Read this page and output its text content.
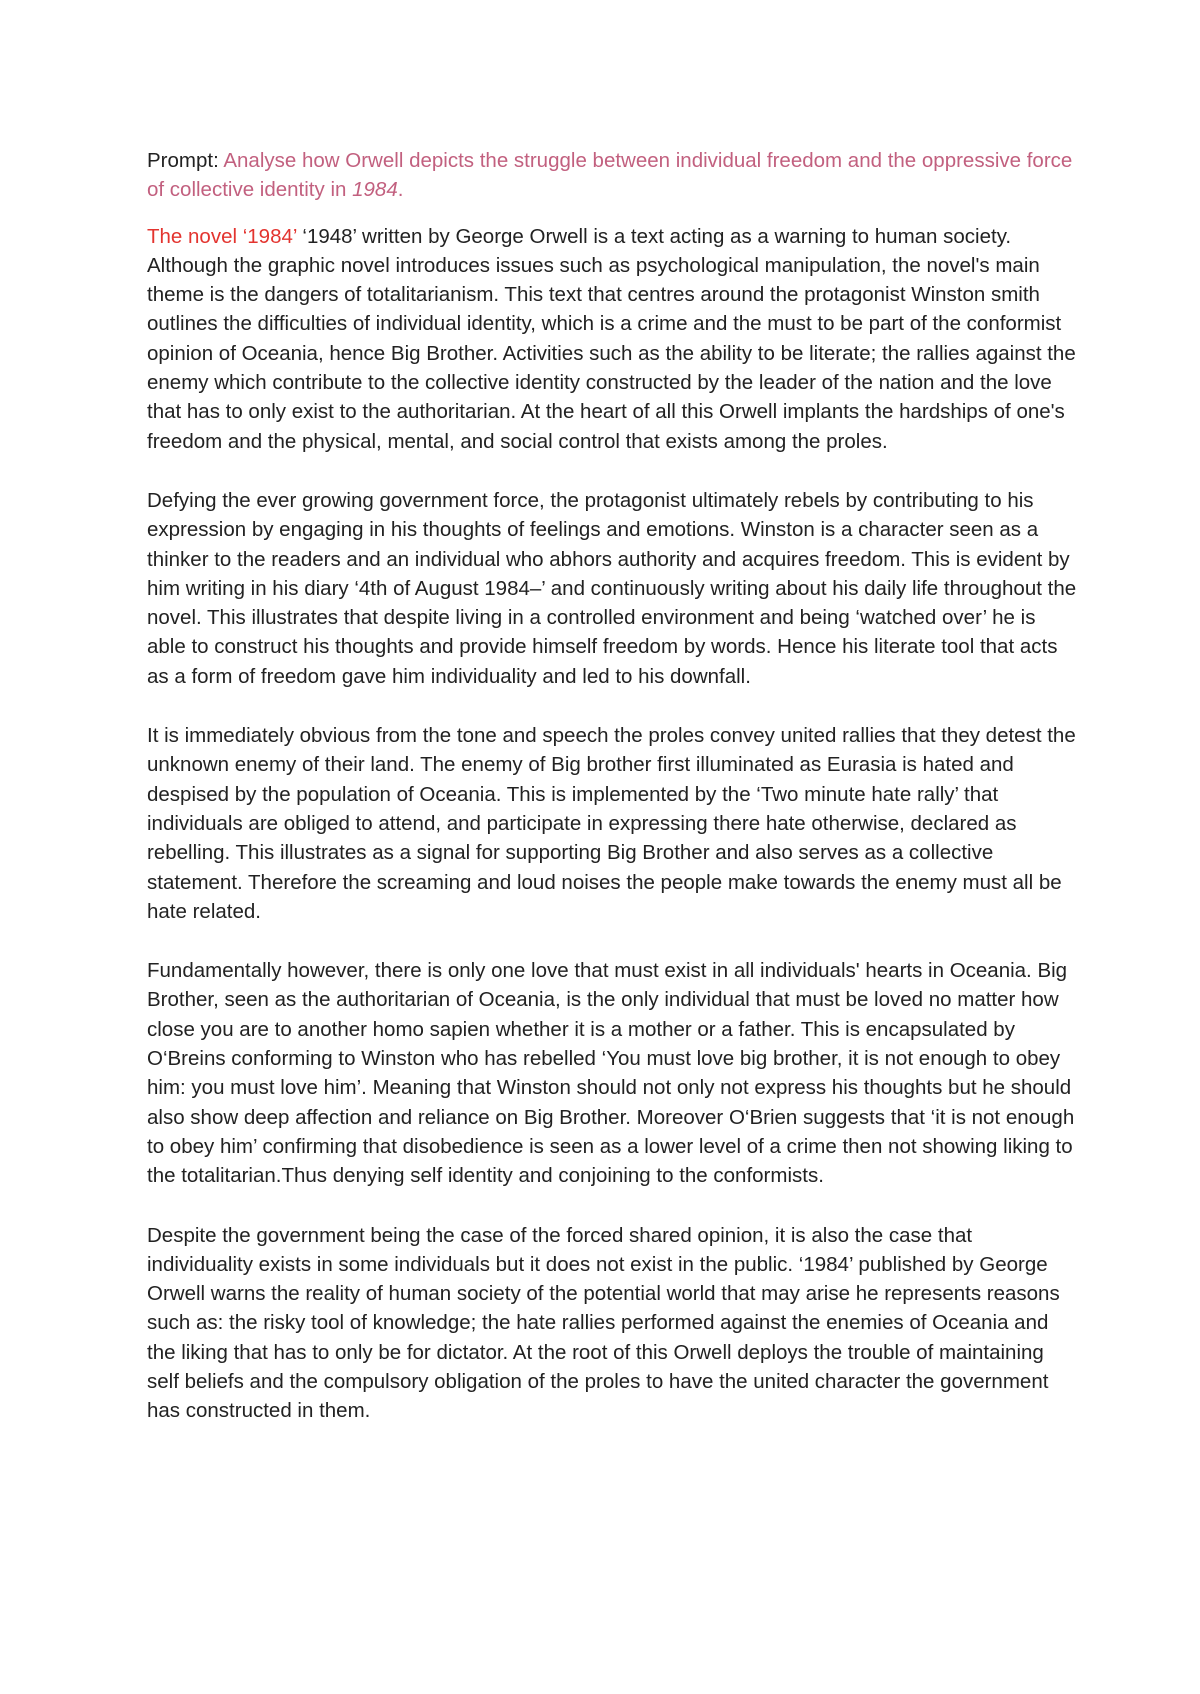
Prompt: Analyse how Orwell depicts the struggle between individual freedom and the oppressive force of collective identity in 1984.

The novel ‘1984’ ‘1948’ written by George Orwell is a text acting as a warning to human society. Although the graphic novel introduces issues such as psychological manipulation, the novel's main theme is the dangers of totalitarianism. This text that centres around the protagonist Winston smith outlines the difficulties of individual identity, which is a crime and the must to be part of the conformist opinion of Oceania, hence Big Brother. Activities such as the ability to be literate; the rallies against the enemy which contribute to the collective identity constructed by the leader of the nation and the love that has to only exist to the authoritarian. At the heart of all this Orwell implants the hardships of one's freedom and the physical, mental, and social control that exists among the proles.

Defying the ever growing government force, the protagonist ultimately rebels by contributing to his expression by engaging in his thoughts of feelings and emotions. Winston is a character seen as a thinker to the readers and an individual who abhors authority and acquires freedom. This is evident by him writing in his diary ‘4th of August 1984–’ and continuously writing about his daily life throughout the novel. This illustrates that despite living in a controlled environment and being ‘watched over’ he is able to construct his thoughts and provide himself freedom by words. Hence his literate tool that acts as a form of freedom gave him individuality and led to his downfall.

It is immediately obvious from the tone and speech the proles convey united rallies that they detest the unknown enemy of their land. The enemy of Big brother first illuminated as Eurasia is hated and despised by the population of Oceania. This is implemented by the ‘Two minute hate rally’ that individuals are obliged to attend, and participate in expressing there hate otherwise, declared as rebelling. This illustrates as a signal for supporting Big Brother and also serves as a collective statement. Therefore the screaming and loud noises the people make towards the enemy must all be hate related.

Fundamentally however, there is only one love that must exist in all individuals' hearts in Oceania. Big Brother, seen as the authoritarian of Oceania, is the only individual that must be loved no matter how close you are to another homo sapien whether it is a mother or a father. This is encapsulated by O‘Breins conforming to Winston who has rebelled ‘You must love big brother, it is not enough to obey him: you must love him’. Meaning that Winston should not only not express his thoughts but he should also show deep affection and reliance on Big Brother. Moreover O‘Brien suggests that ‘it is not enough to obey him’ confirming that disobedience is seen as a lower level of a crime then not showing liking to the totalitarian.Thus denying self identity and conjoining to the conformists.

Despite the government being the case of the forced shared opinion, it is also the case that individuality exists in some individuals but it does not exist in the public. ‘1984’ published by George Orwell warns the reality of human society of the potential world that may arise he represents reasons such as: the risky tool of knowledge; the hate rallies performed against the enemies of Oceania and the liking that has to only be for dictator. At the root of this Orwell deploys the trouble of maintaining self beliefs and the compulsory obligation of the proles to have the united character the government has constructed in them.
